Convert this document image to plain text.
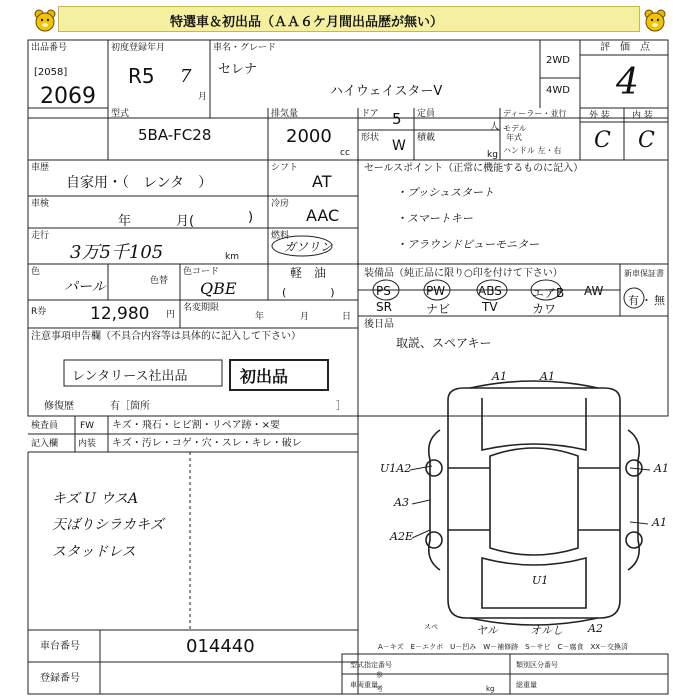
特選車＆初出品（ＡＡ６ケ月間出品歴が無い）
出品番号
[2058]
2069
初度登録年月
R5 7
月
車名・グレード
セレナ
ハイウェイスターV
2WD
4WD
評　価　点
4
外 装 内 装
C C
型式
5BA-FC28
排気量
2000
cc
ドア 5
形状 W
定員
人
積載
kg
ディーラー・並行
モデル
年式
ハンドル 左・右
車歴
自家用・（　レンタ　）
シフト
AT
車検
年	月(	)
冷房
AAC
走行
3万5千105	km
燃料
ガソリン
軽　油
色
パール	色替
色コード
QBE	(　　　　)
R券	12,980 円
名変期限
年	月	日
注意事項申告欄（不具合内容等は具体的に記入して下さい）
レンタリース社出品	初出品
修復歴	有［箇所	］
検査員 FW キズ・飛石・ヒビ割・リペア跡・×要
記入欄 内装 キズ・汚レ・コゲ・穴・スレ・キレ・破レ
キズ U ウスA
天ばりシラカキズ
スタッドレス
セールスポイント（正常に機能するものに記入）
・プッシュスタート
・スマートキー
・アラウンドビューモニター
装備品（純正品に限り○印を付けて下さい）
PS	PW	ABS	エアB AW
SR	ナビ	TV	カワ
新車保証書
有 ・ 無
後日品
取説、スペアキー
A1	A1
U1A2
A3
A2E
A1
A1
U1
ヤル	オルし A2
スペ
A－キズ　E－エクボ　U－凹み　W－補修跡　S－サビ　C－腐食　XX－交換済
車台番号	014440
登録番号
型式指定番号	類別区分番号
車両重量	総重量
参
考	kg
